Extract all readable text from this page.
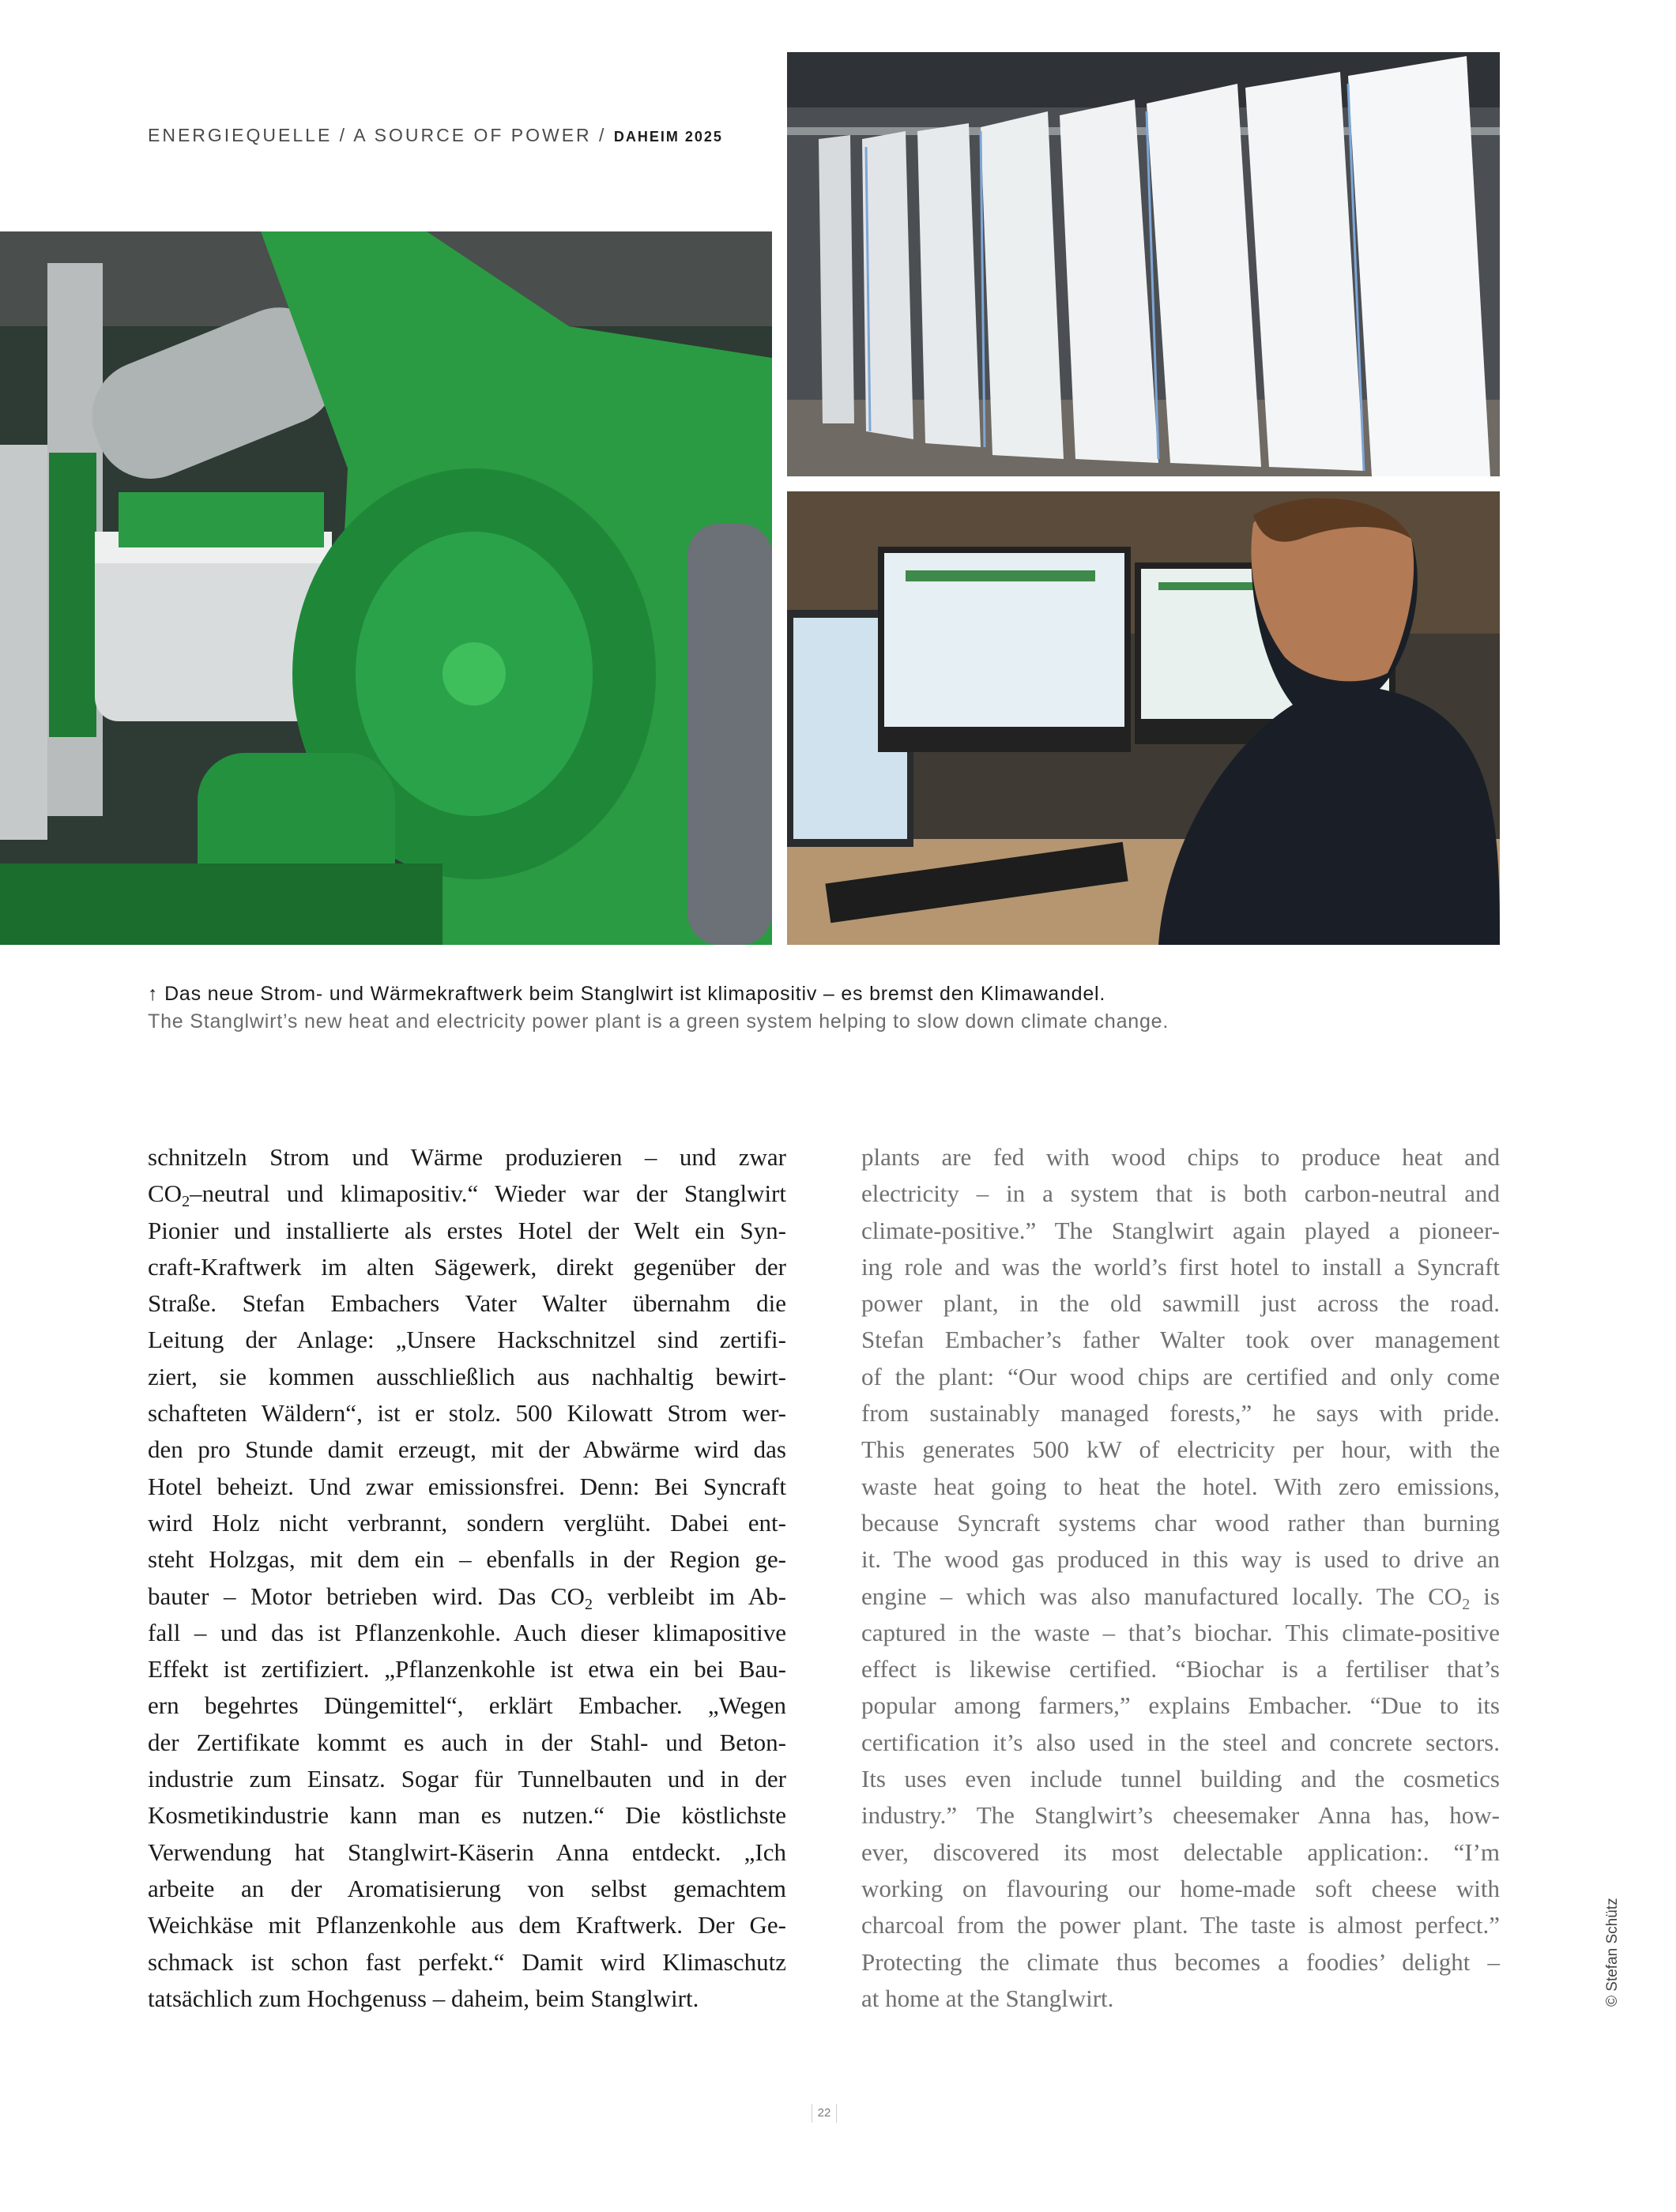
ENERGIEQUELLE / A SOURCE OF POWER / DAHEIM 2025
↑ Das neue Strom- und Wärmekraftwerk beim Stanglwirt ist klimapositiv – es bremst den Klimawandel.
The Stanglwirt’s new heat and electricity power plant is a green system helping to slow down climate change.
schnitzeln Strom und Wärme produzieren – und zwar
$CO_2$–neutral und klimapositiv.“ Wieder war der Stanglwirt
Pionier und installierte als erstes Hotel der Welt ein Syn-
craft-Kraftwerk im alten Sägewerk, direkt gegenüber der
Straße. Stefan Embachers Vater Walter übernahm die
Leitung der Anlage: „Unsere Hackschnitzel sind zertifi-
ziert, sie kommen ausschließlich aus nachhaltig bewirt-
schafteten Wäldern“, ist er stolz. 500 Kilowatt Strom wer-
den pro Stunde damit erzeugt, mit der Abwärme wird das
Hotel beheizt. Und zwar emissionsfrei. Denn: Bei Syncraft
wird Holz nicht verbrannt, sondern verglüht. Dabei ent-
steht Holzgas, mit dem ein – ebenfalls in der Region ge-
bauter – Motor betrieben wird. Das $CO_2$ verbleibt im Ab-
fall – und das ist Pflanzenkohle. Auch dieser klimapositive
Effekt ist zertifiziert. „Pflanzenkohle ist etwa ein bei Bau-
ern begehrtes Düngemittel“, erklärt Embacher. „Wegen
der Zertifikate kommt es auch in der Stahl- und Beton-
industrie zum Einsatz. Sogar für Tunnelbauten und in der
Kosmetikindustrie kann man es nutzen.“ Die köstlichste
Verwendung hat Stanglwirt-Käserin Anna entdeckt. „Ich
arbeite an der Aromatisierung von selbst gemachtem
Weichkäse mit Pflanzenkohle aus dem Kraftwerk. Der Ge-
schmack ist schon fast perfekt.“ Damit wird Klimaschutz
tatsächlich zum Hochgenuss – daheim, beim Stanglwirt.
plants are fed with wood chips to produce heat and
electricity – in a system that is both carbon-neutral and
climate-positive.” The Stanglwirt again played a pioneer-
ing role and was the world’s first hotel to install a Syncraft
power plant, in the old sawmill just across the road.
Stefan Embacher’s father Walter took over management
of the plant: “Our wood chips are certified and only come
from sustainably managed forests,” he says with pride.
This generates 500 kW of electricity per hour, with the
waste heat going to heat the hotel. With zero emissions,
because Syncraft systems char wood rather than burning
it. The wood gas produced in this way is used to drive an
engine – which was also manufactured locally. The $CO_2$ is
captured in the waste – that’s biochar. This climate-positive
effect is likewise certified. “Biochar is a fertiliser that’s
popular among farmers,” explains Embacher. “Due to its
certification it’s also used in the steel and concrete sectors.
Its uses even include tunnel building and the cosmetics
industry.” The Stanglwirt’s cheesemaker Anna has, how-
ever, discovered its most delectable application:. “I’m
working on flavouring our home-made soft cheese with
charcoal from the power plant. The taste is almost perfect.”
Protecting the climate thus becomes a foodies’ delight –
at home at the Stanglwirt.	© Stefan Schütz
22
